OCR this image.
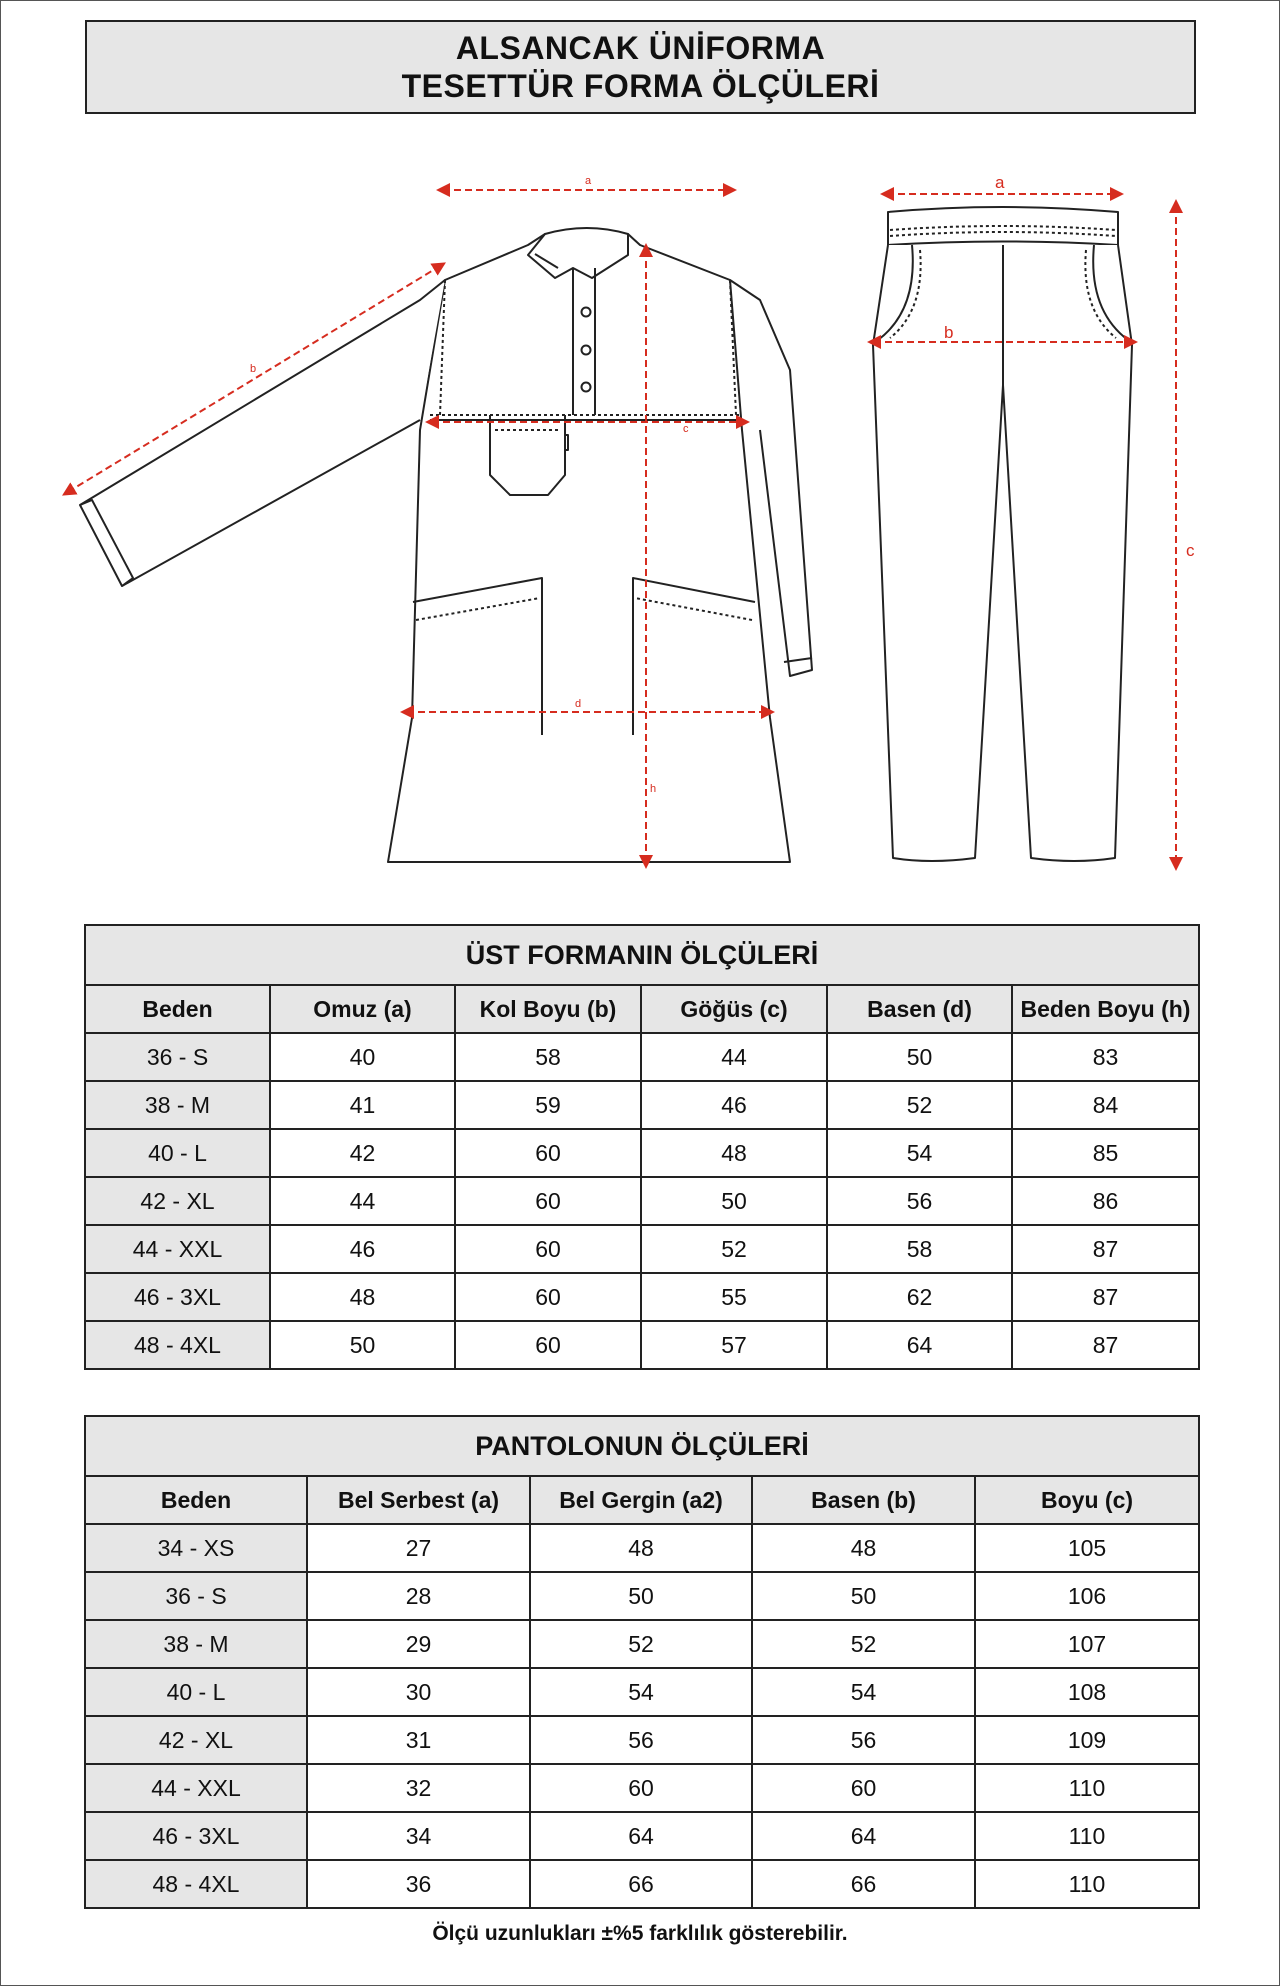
ALSANCAK ÜNİFORMA
TESETTÜR FORMA ÖLÇÜLERİ
a
b
c
d
h
a
b
c
ÜST FORMANIN ÖLÇÜLERİ					
Beden	Omuz (a)	Kol Boyu (b)	Göğüs (c)	Basen (d)	Beden Boyu (h)
36 - S	40	58	44	50	83
38 - M	41	59	46	52	84
40 - L	42	60	48	54	85
42 - XL	44	60	50	56	86
44 - XXL	46	60	52	58	87
46 - 3XL	48	60	55	62	87
48 - 4XL	50	60	57	64	87
PANTOLONUN ÖLÇÜLERİ				
Beden	Bel Serbest (a)	Bel Gergin (a2)	Basen (b)	Boyu (c)
34 - XS	27	48	48	105
36 - S	28	50	50	106
38 - M	29	52	52	107
40 - L	30	54	54	108
42 - XL	31	56	56	109
44 - XXL	32	60	60	110
46 - 3XL	34	64	64	110
48 - 4XL	36	66	66	110
Ölçü uzunlukları ±%5 farklılık gösterebilir.
